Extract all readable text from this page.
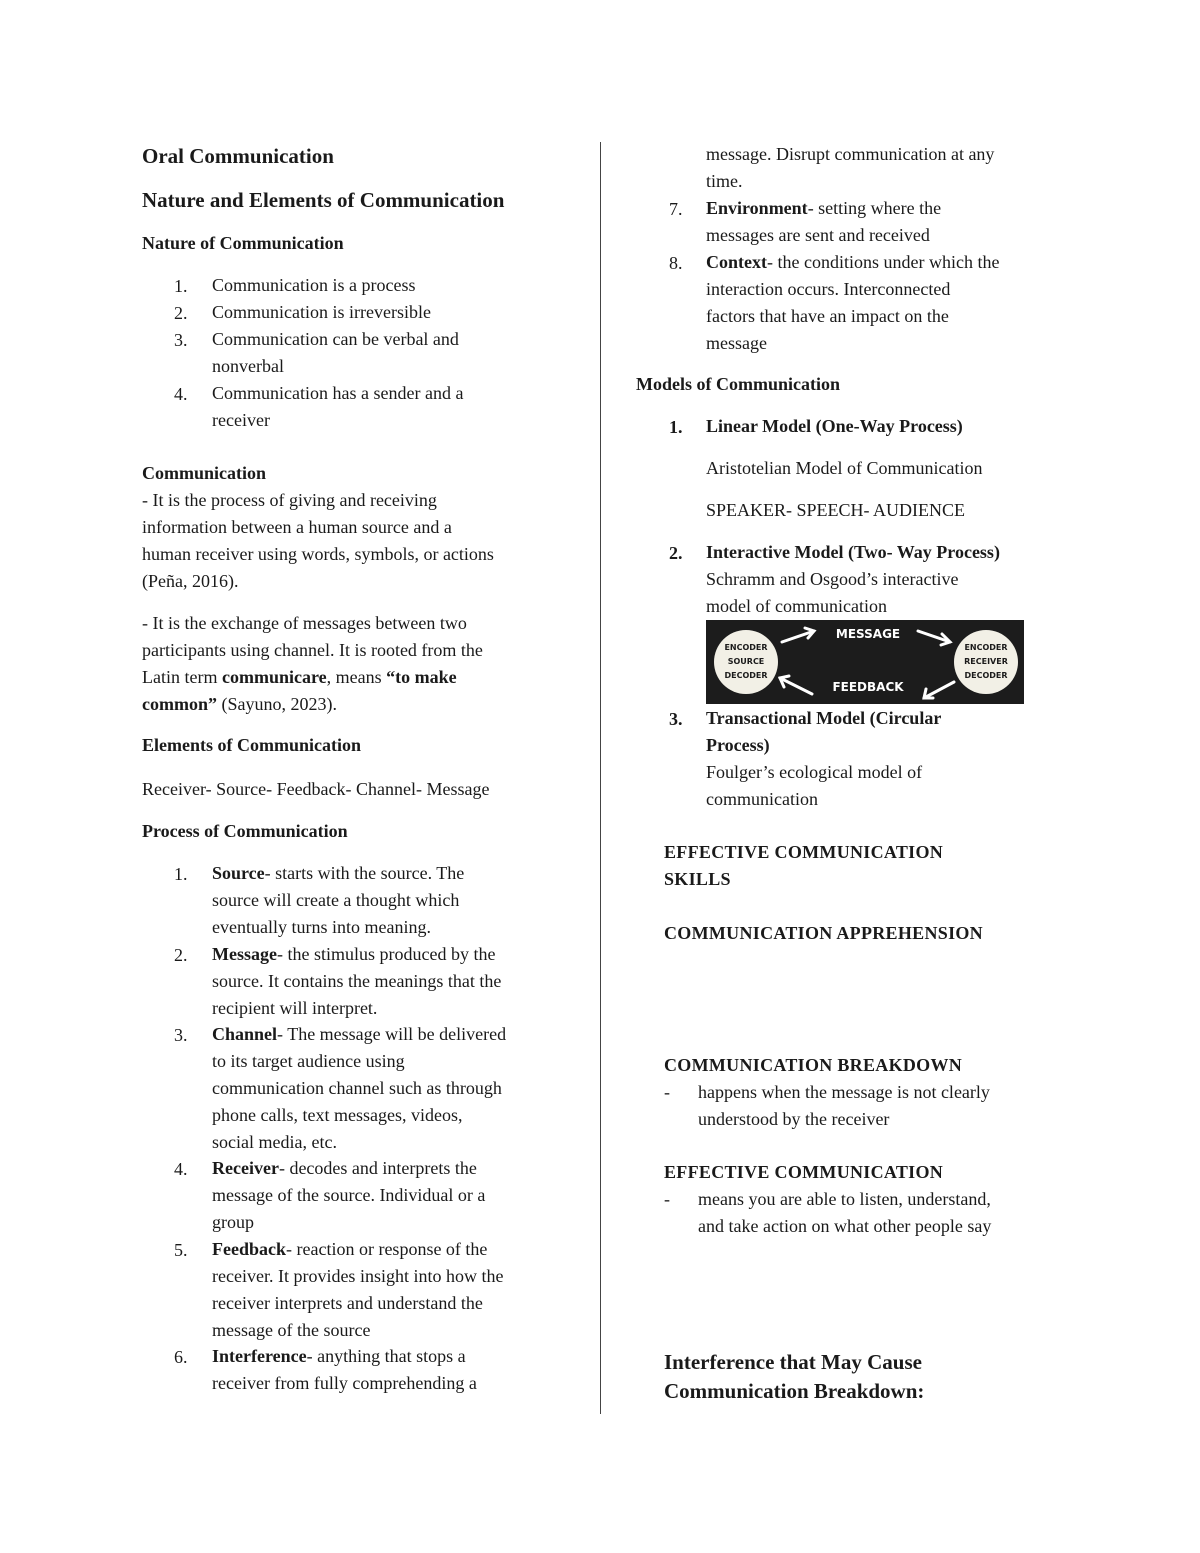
Oral Communication

Nature and Elements of Communication

Nature of Communication

1. Communication is a process

2. Communication is irreversible

3. Communication can be verbal and

nonverbal

4. Communication has a sender and a

receiver

Communication

- It is the process of giving and receiving

information between a human source and a

human receiver using words, symbols, or actions

(Peña, 2016).

- It is the exchange of messages between two

participants using channel. It is rooted from the

Latin term communicare, means “to make

common” (Sayuno, 2023).

Elements of Communication

Receiver- Source- Feedback- Channel- Message

Process of Communication

1. Source- starts with the source. The

source will create a thought which

eventually turns into meaning.

2. Message- the stimulus produced by the

source. It contains the meanings that the

recipient will interpret.

3. Channel- The message will be delivered

to its target audience using

communication channel such as through

phone calls, text messages, videos,

social media, etc.

4. Receiver- decodes and interprets the

message of the source. Individual or a

group

5. Feedback- reaction or response of the

receiver. It provides insight into how the

receiver interprets and understand the

message of the source

6. Interference- anything that stops a

receiver from fully comprehending a

message. Disrupt communication at any

time.

7. Environment- setting where the

messages are sent and received

8. Context- the conditions under which the

interaction occurs. Interconnected

factors that have an impact on the

message

Models of Communication

1. Linear Model (One-Way Process)

Aristotelian Model of Communication

SPEAKER- SPEECH- AUDIENCE

2. Interactive Model (Two- Way Process)

Schramm and Osgood’s interactive

model of communication

ENCODER
SOURCE
DECODER
ENCODER
RECEIVER
DECODER
MESSAGE
FEEDBACK
3. Transactional Model (Circular

Process)

Foulger’s ecological model of

communication

EFFECTIVE COMMUNICATION

SKILLS

COMMUNICATION APPREHENSION

COMMUNICATION BREAKDOWN

- happens when the message is not clearly

understood by the receiver

EFFECTIVE COMMUNICATION

- means you are able to listen, understand,

and take action on what other people say

Interference that May Cause

Communication Breakdown:
